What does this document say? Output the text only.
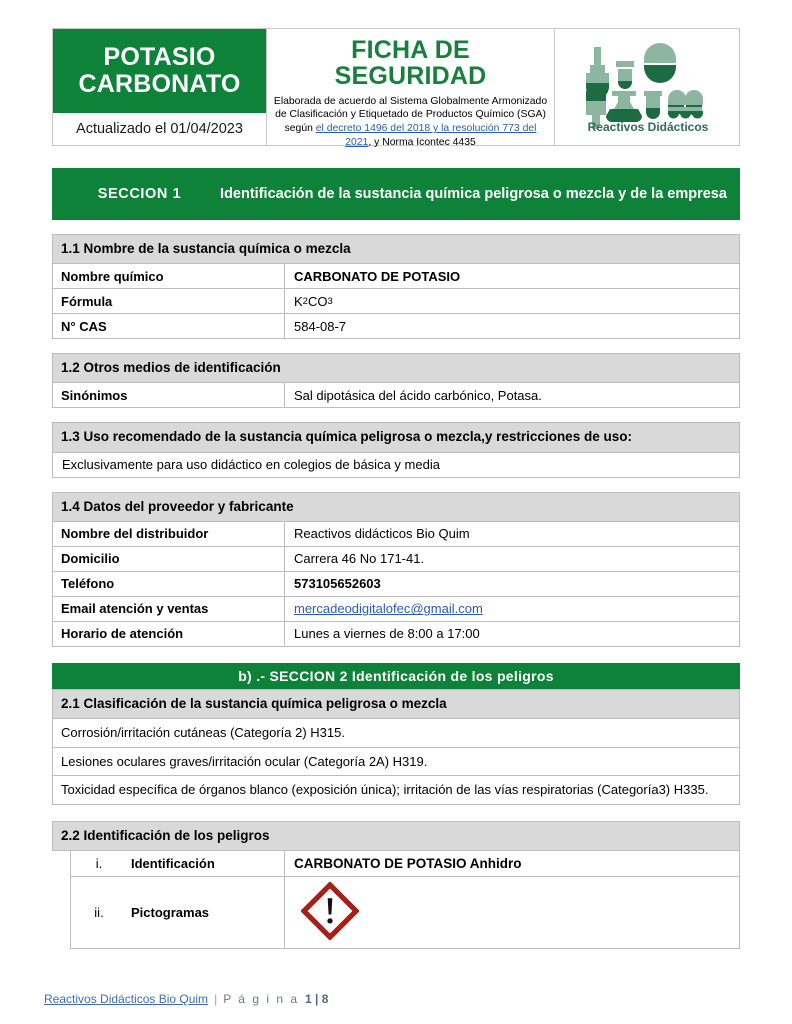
POTASIO
CARBONATO
Actualizado el 01/04/2023
FICHA DE SEGURIDAD
Elaborada de acuerdo al Sistema Globalmente Armonizado de Clasificación y Etiquetado de Productos Químico (SGA) según el decreto 1496 del 2018 y la resolución 773 del 2021, y Norma Icontec 4435
Reactivos Didácticos
SECCION 1	Identificación de la sustancia química peligrosa o mezcla y de la empresa
1.1 Nombre de la sustancia química o mezcla
Nombre químico	CARBONATO DE POTASIO
Fórmula	K 2 CO 3
N° CAS	584-08-7
1.2 Otros medios de identificación
Sinónimos	Sal dipotásica del ácido carbónico, Potasa.
1.3 Uso recomendado de la sustancia química peligrosa o mezcla,y restricciones de uso:
Exclusivamente para uso didáctico en colegios de básica y media
1.4 Datos del proveedor y fabricante
Nombre del distribuidor	Reactivos didácticos Bio Quim
Domicilio	Carrera 46 No 171-41.
Teléfono	573105652603
Email atención y ventas	mercadeodigitalofec@gmail.com
Horario de atención	Lunes a viernes de 8:00 a 17:00
b) .- SECCION 2 Identificación de los peligros
2.1 Clasificación de la sustancia química peligrosa o mezcla
Corrosión/irritación cutáneas (Categoría 2) H315.
Lesiones oculares graves/irritación ocular (Categoría 2A) H319.
Toxicidad específica de órganos blanco (exposición única); irritación de las vías respiratorias (Categoría3) H335.
2.2 Identificación de los peligros
i.	Identificación	CARBONATO DE POTASIO Anhidro
ii.	Pictogramas
Reactivos Didácticos Bio Quim | P á g i n a 1 | 8
